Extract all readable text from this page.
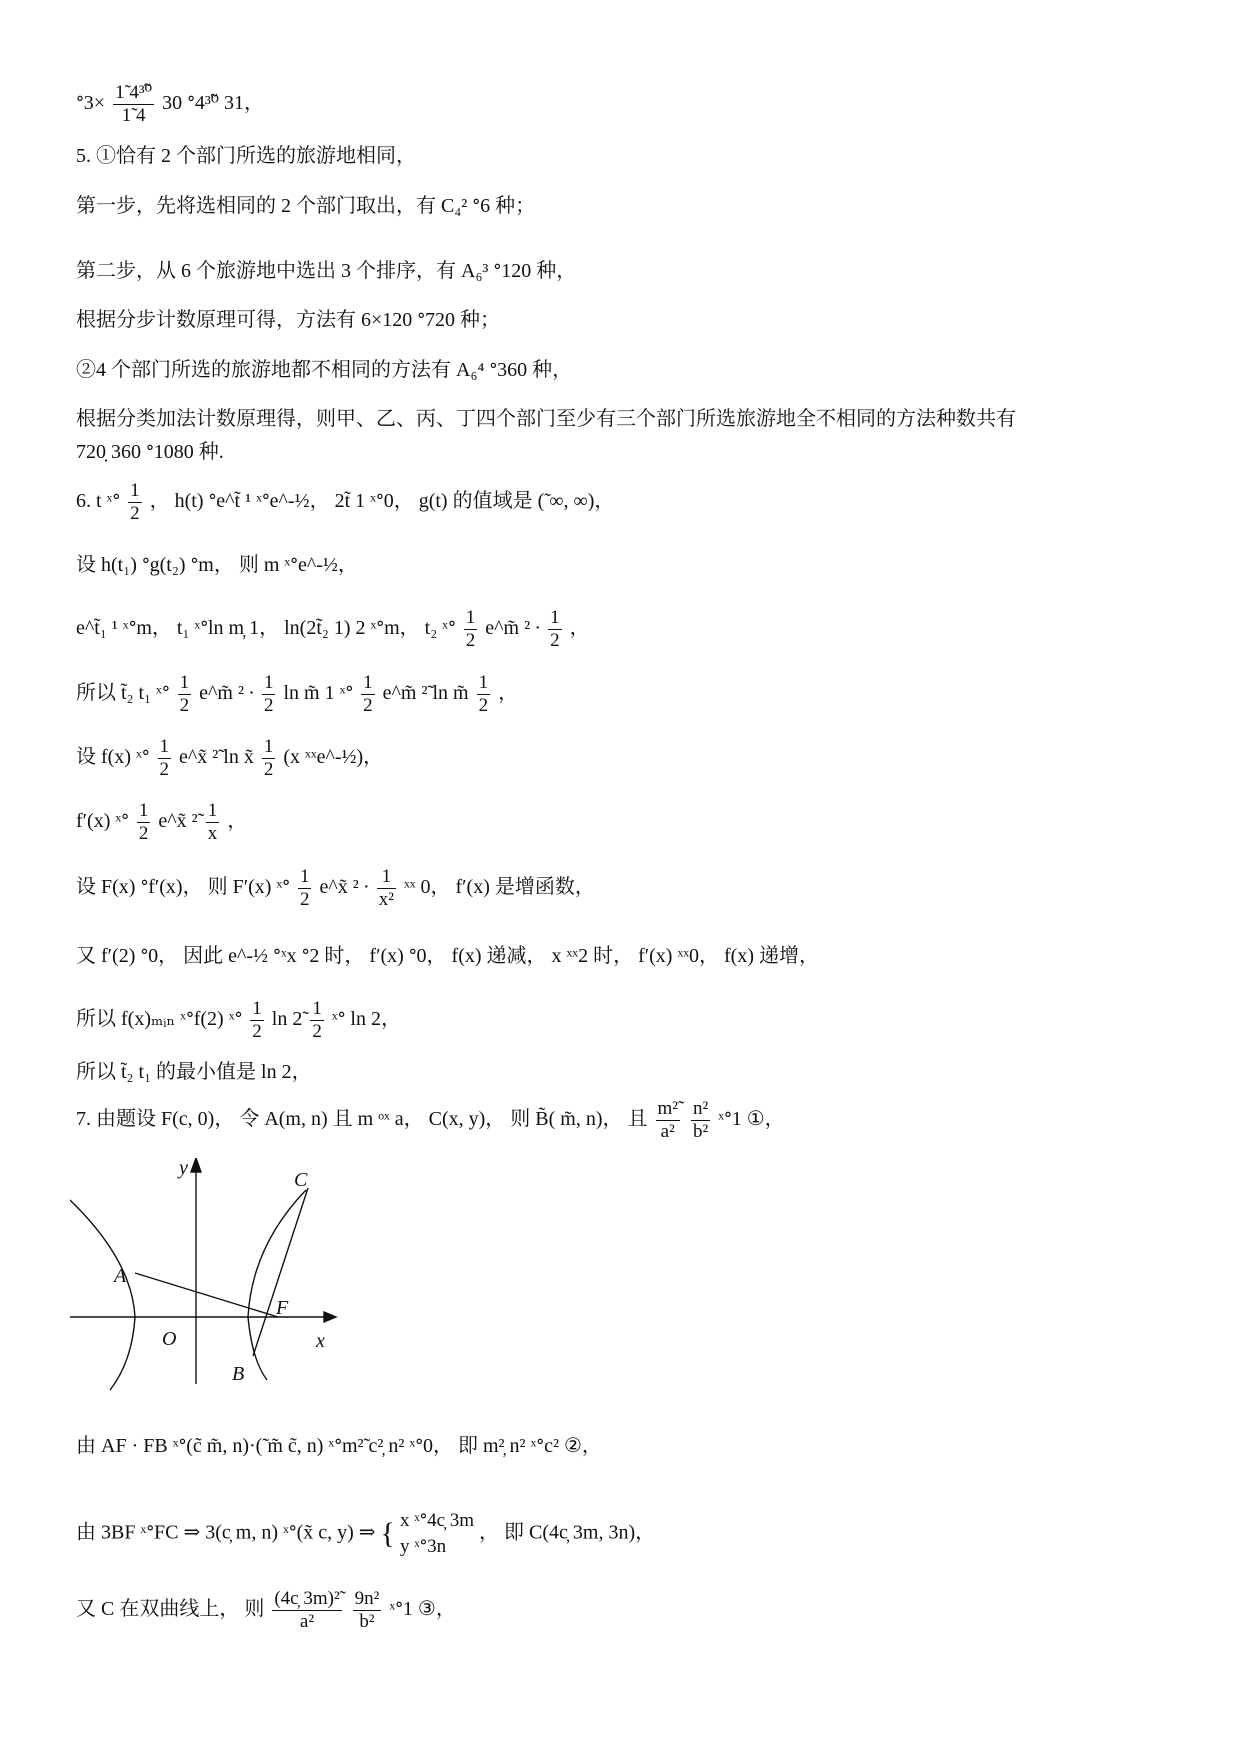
ᐤ3× $\frac{\text{1̃ 4³⁰̃}}{1̃ 4} 30$ ᐤ4³⁰̃ 31，
5. ①恰有 2 个部门所选的旅游地相同，
第一步，先将选相同的 2 个部门取出，有 C₄² ᐤ6 种；
第二步，从 6 个旅游地中选出 3 个排序，有 A₆³ ᐤ120 种，
根据分步计数原理可得，方法有 6×120 ᐤ720 种；
②4 个部门所选的旅游地都不相同的方法有 A₆⁴ ᐤ360 种，
根据分类加法计数原理得，则甲、乙、丙、丁四个部门至少有三个部门所选旅游地全不相同的方法种数共有
720̣ 360 ᐤ1080 种.
6. t ˣᐤ $\frac{1}{2}$ ， h(t) ᐤe^t̃ ¹ ˣᐤe^-½， 2t̃ 1 ˣᐤ0， g(t) 的值域是 (̃ ∞, ∞)，
设 h(t₁) ᐤg(t₂) ᐤm， 则 m ˣᐤe^-½，
e^t̃₁ ¹ ˣᐤm， t₁ ˣᐤln m̦ 1， ln(2t̃₂ 1) 2 ˣᐤm， t₂ ˣᐤ $\frac{1}{2}$ e^m̃ $^2 \cdot \frac{1}{2}$ ，
所以 t̃₂ t₁ ˣᐤ $\frac{1}{2}$ e^m̃ $^2 \cdot \frac{1}{2}$ ln m̃ 1 ˣᐤ $\frac{1}{2}$ e^m̃ ²̃ ln m̃ $\frac{1}{2}$ ，
设 f(x) ˣᐤ $\frac{1}{2}$ e^x̃ ²̃ ln x̃ $\frac{1}{2} (x$ ˣˣe^-½)，
f′(x) ˣᐤ $\frac{1}{2}$ e^x̃ ²̃ $\frac{1}{x}$ ，
设 F(x) ᐤf′(x)， 则 F′(x) ˣᐤ $\frac{1}{2}$ e^x̃ $^2 \cdot \frac{1}{\text{x²}}$ ˣˣ 0， f′(x) 是增函数，
又 f′(2) ᐤ0， 因此 e^-½ ᐤˣx ᐤ2 时， f′(x) ᐤ0， f(x) 递减， x ˣˣ2 时， f′(x) ˣˣ0， f(x) 递增，
所以 f(x)ₘᵢₙ ˣᐤf(2) ˣᐤ $\frac{1}{2}$ ln 2̃ $\frac{1}{2}$ ˣᐤ ln 2，
所以 t̃₂ t₁ 的最小值是 ln 2，
7. 由题设 F(c, 0)， 令 A(m, n) 且 m ᵒˣ a， C(x, y)， 则 B̃( m̃, n)， 且 $\frac{\text{m²̃}}{\text{a²}}$
$\frac{\text{n²}}{\text{b²}}$ ˣᐤ1 ①，
y
x
O
A
B
C
F
由 AF · FB ˣᐤ(c̃ m̃, n)·(̃ m̃ c̃, n) ˣᐤm²̃ c²̦ n² ˣᐤ0， 即 m²̦ n² ˣᐤc² ②，
由 3BF ˣᐤFC ⇒ 3(c̦ m, n) ˣᐤ(x̃ c, y) ⇒ { x ˣᐤ4c̦ 3m
y ˣᐤ3n
， 即 C(4c̦ 3m, 3n)，
又 C 在双曲线上， 则 $\frac{\text{(4c̦ 3m)²̃}}{\text{a²}}$
$\frac{\text{9n²}}{\text{b²}}$ ˣᐤ1 ③，
